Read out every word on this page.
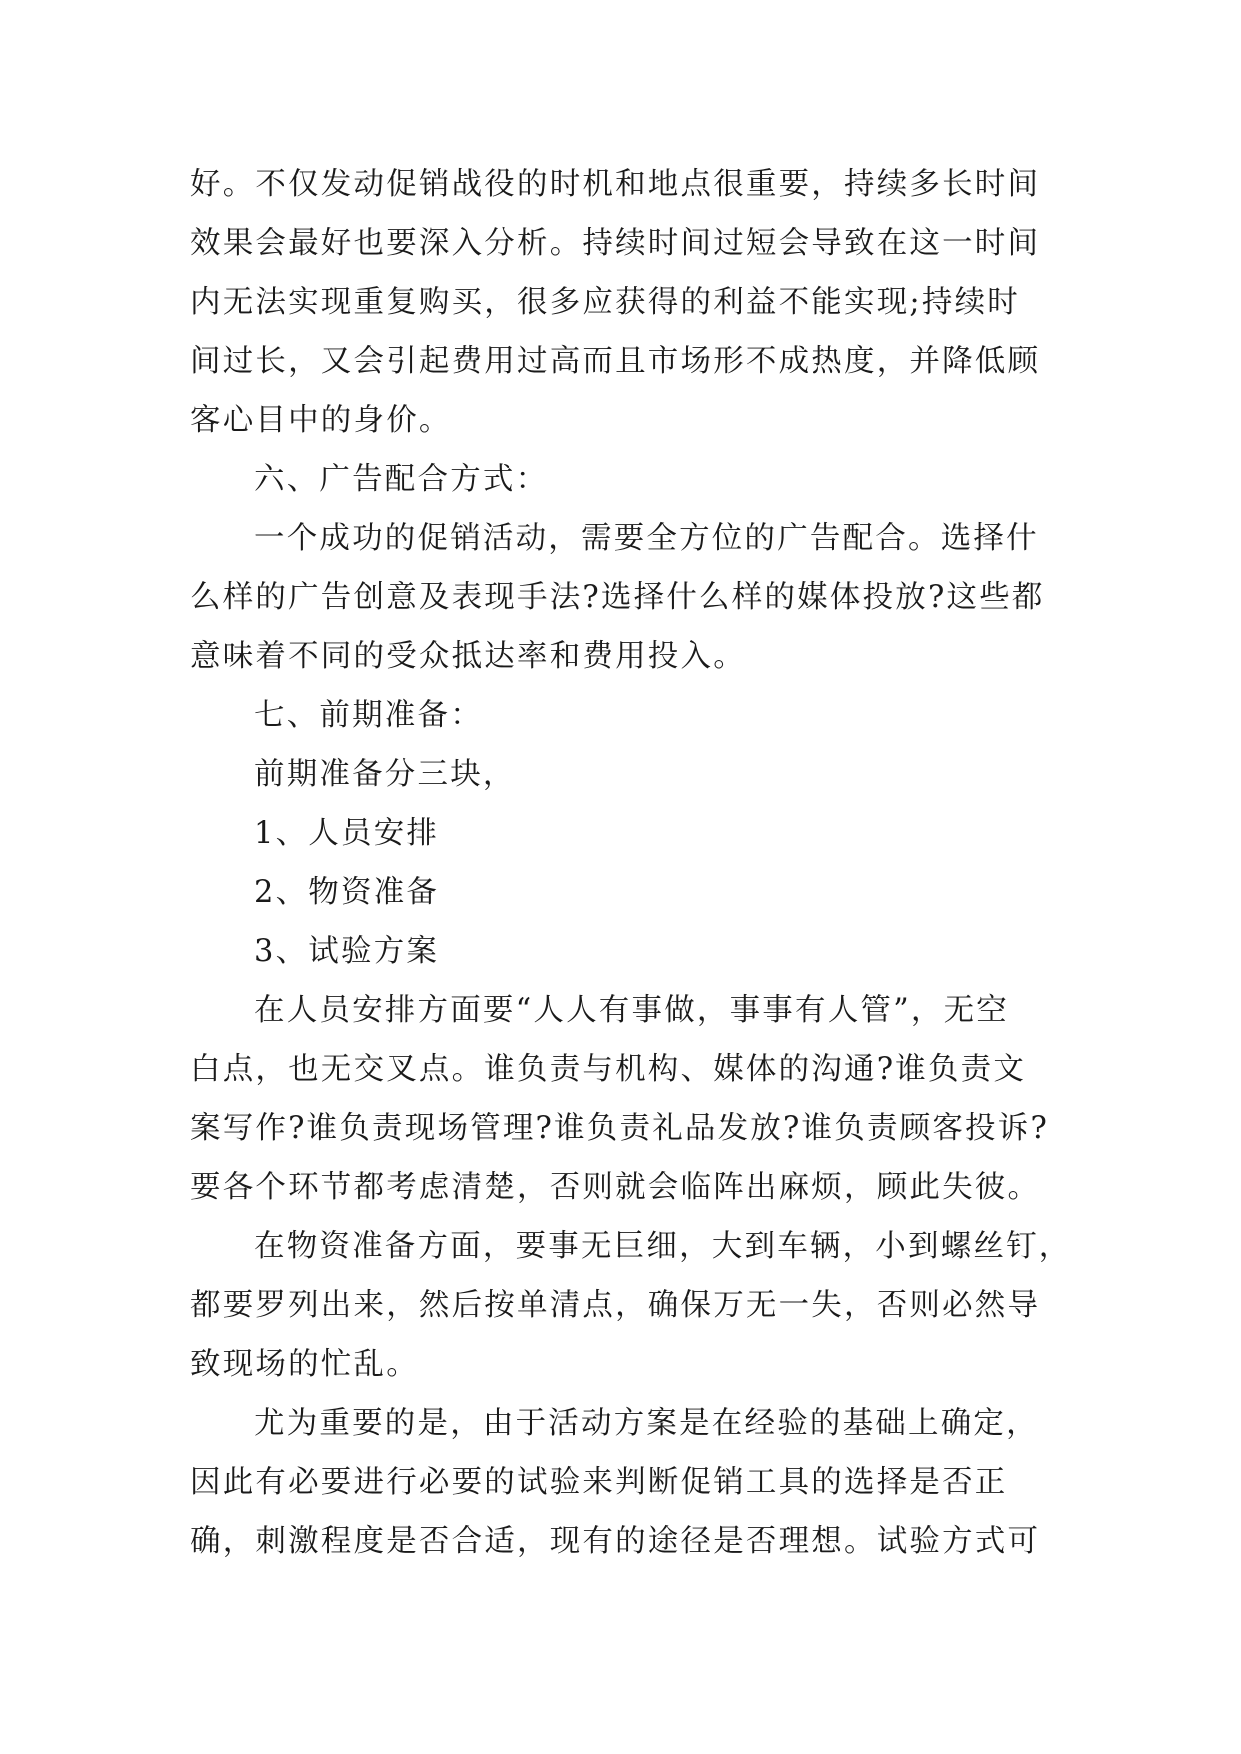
好。不仅发动促销战役的时机和地点很重要，持续多长时间
效果会最好也要深入分析。持续时间过短会导致在这一时间
内无法实现重复购买，很多应获得的利益不能实现;持续时
间过长，又会引起费用过高而且市场形不成热度，并降低顾
客心目中的身价。

六、广告配合方式：

一个成功的促销活动，需要全方位的广告配合。选择什
么样的广告创意及表现手法?选择什么样的媒体投放?这些都
意味着不同的受众抵达率和费用投入。

七、前期准备：

前期准备分三块，

1、人员安排

2、物资准备

3、试验方案

在人员安排方面要“人人有事做，事事有人管”，无空
白点，也无交叉点。谁负责与机构、媒体的沟通?谁负责文
案写作?谁负责现场管理?谁负责礼品发放?谁负责顾客投诉?
要各个环节都考虑清楚，否则就会临阵出麻烦，顾此失彼。

在物资准备方面，要事无巨细，大到车辆，小到螺丝钉，
都要罗列出来，然后按单清点，确保万无一失，否则必然导
致现场的忙乱。

尤为重要的是，由于活动方案是在经验的基础上确定，
因此有必要进行必要的试验来判断促销工具的选择是否正
确，刺激程度是否合适，现有的途径是否理想。试验方式可
